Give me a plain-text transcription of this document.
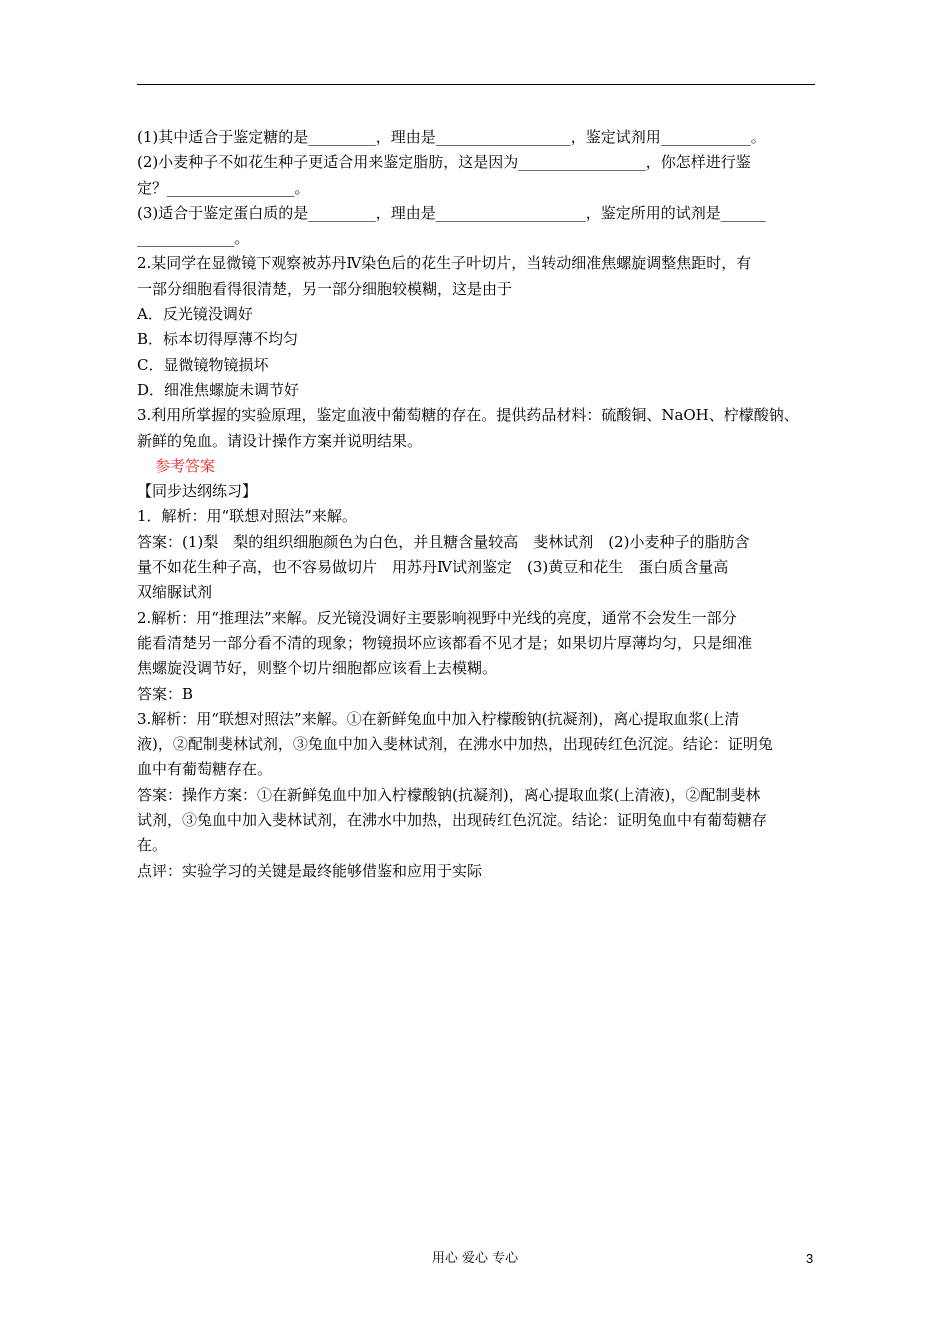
(1)其中适合于鉴定糖的是_________，理由是__________________，鉴定试剂用____________。
(2)小麦种子不如花生种子更适合用来鉴定脂肪，这是因为_________________，你怎样进行鉴
定？_________________。
(3)适合于鉴定蛋白质的是_________，理由是____________________，鉴定所用的试剂是______
_____________。
2.某同学在显微镜下观察被苏丹Ⅳ染色后的花生子叶切片，当转动细准焦螺旋调整焦距时，有
一部分细胞看得很清楚，另一部分细胞较模糊，这是由于
A．反光镜没调好
B．标本切得厚薄不均匀
C．显微镜物镜损坏
D．细准焦螺旋未调节好
3.利用所掌握的实验原理，鉴定血液中葡萄糖的存在。提供药品材料：硫酸铜、NaOH、柠檬酸钠、
新鲜的兔血。请设计操作方案并说明结果。
参考答案
【同步达纲练习】
1．解析：用“联想对照法”来解。
答案：(1)梨　梨的组织细胞颜色为白色，并且糖含量较高　斐林试剂　(2)小麦种子的脂肪含
量不如花生种子高，也不容易做切片　用苏丹Ⅳ试剂鉴定　(3)黄豆和花生　蛋白质含量高
双缩脲试剂
2.解析：用“推理法”来解。反光镜没调好主要影响视野中光线的亮度，通常不会发生一部分
能看清楚另一部分看不清的现象；物镜损坏应该都看不见才是；如果切片厚薄均匀，只是细准
焦螺旋没调节好，则整个切片细胞都应该看上去模糊。
答案：B
3.解析：用“联想对照法”来解。①在新鲜兔血中加入柠檬酸钠(抗凝剂)，离心提取血浆(上清
液)，②配制斐林试剂，③兔血中加入斐林试剂，在沸水中加热，出现砖红色沉淀。结论：证明兔
血中有葡萄糖存在。
答案：操作方案：①在新鲜兔血中加入柠檬酸钠(抗凝剂)，离心提取血浆(上清液)，②配制斐林
试剂，③兔血中加入斐林试剂，在沸水中加热，出现砖红色沉淀。结论：证明兔血中有葡萄糖存
在。
点评：实验学习的关键是最终能够借鉴和应用于实际
用心 爱心 专心	3
